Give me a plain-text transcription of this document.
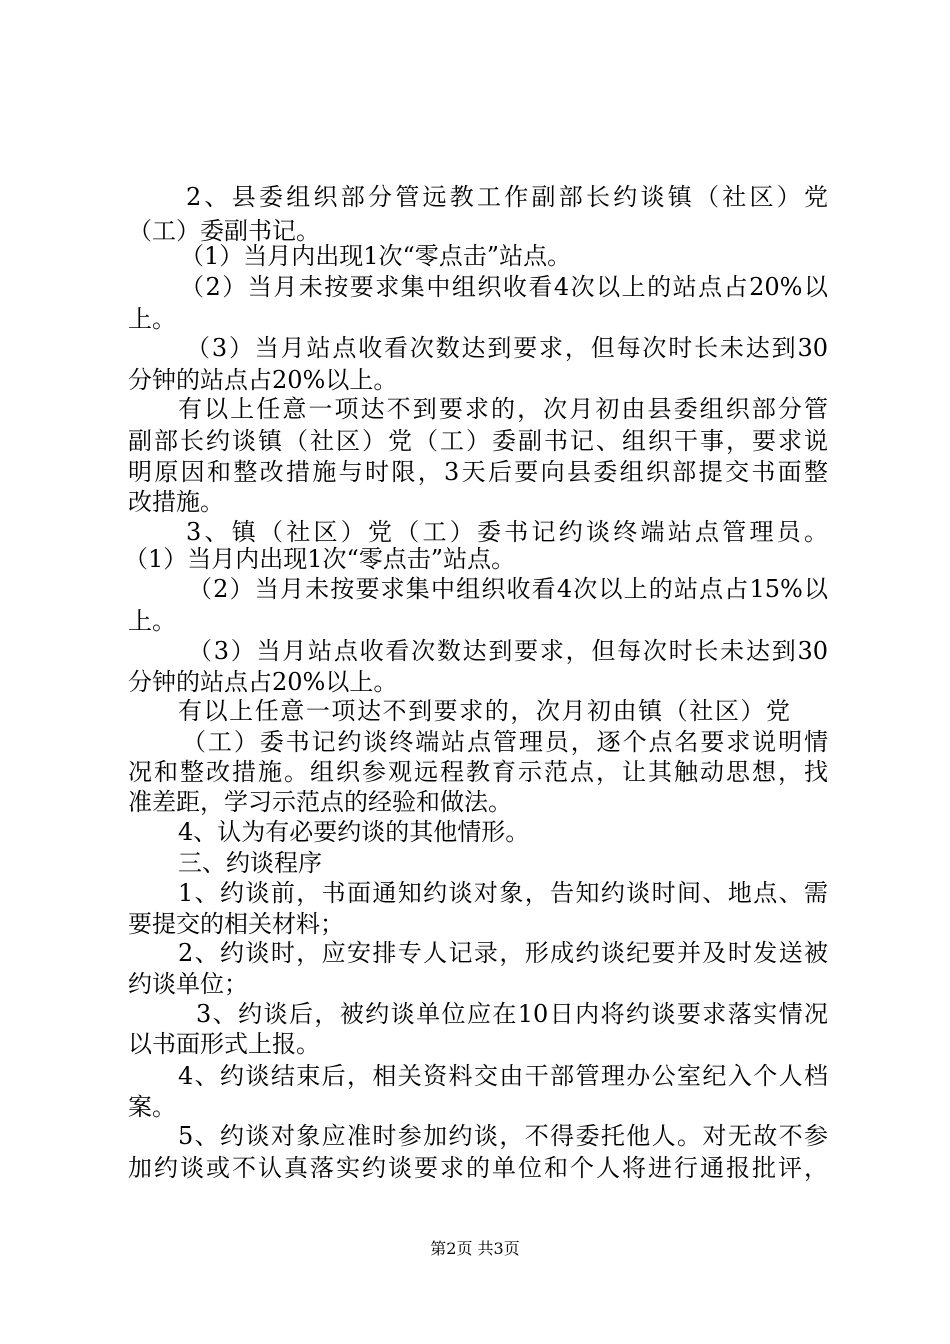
2、县委组织部分管远教工作副部长约谈镇（社区）党
（工）委副书记。
（1）当月内出现1次“零点击”站点。
（2）当月未按要求集中组织收看4次以上的站点占20%以
上。
（3）当月站点收看次数达到要求，但每次时长未达到30
分钟的站点占20%以上。
有以上任意一项达不到要求的，次月初由县委组织部分管
副部长约谈镇（社区）党（工）委副书记、组织干事，要求说
明原因和整改措施与时限，3天后要向县委组织部提交书面整
改措施。
3、镇（社区）党（工）委书记约谈终端站点管理员。
（1）当月内出现1次“零点击”站点。
（2）当月未按要求集中组织收看4次以上的站点占15%以
上。
（3）当月站点收看次数达到要求，但每次时长未达到30
分钟的站点占20%以上。
有以上任意一项达不到要求的，次月初由镇（社区）党
（工）委书记约谈终端站点管理员，逐个点名要求说明情
况和整改措施。组织参观远程教育示范点，让其触动思想，找
准差距，学习示范点的经验和做法。
4、认为有必要约谈的其他情形。
三、约谈程序
1、约谈前，书面通知约谈对象，告知约谈时间、地点、需
要提交的相关材料；
2、约谈时，应安排专人记录，形成约谈纪要并及时发送被
约谈单位；
3、约谈后，被约谈单位应在10日内将约谈要求落实情况
以书面形式上报。
4、约谈结束后，相关资料交由干部管理办公室纪入个人档
案。
5、约谈对象应准时参加约谈，不得委托他人。对无故不参
加约谈或不认真落实约谈要求的单位和个人将进行通报批评，
第2页 共3页
